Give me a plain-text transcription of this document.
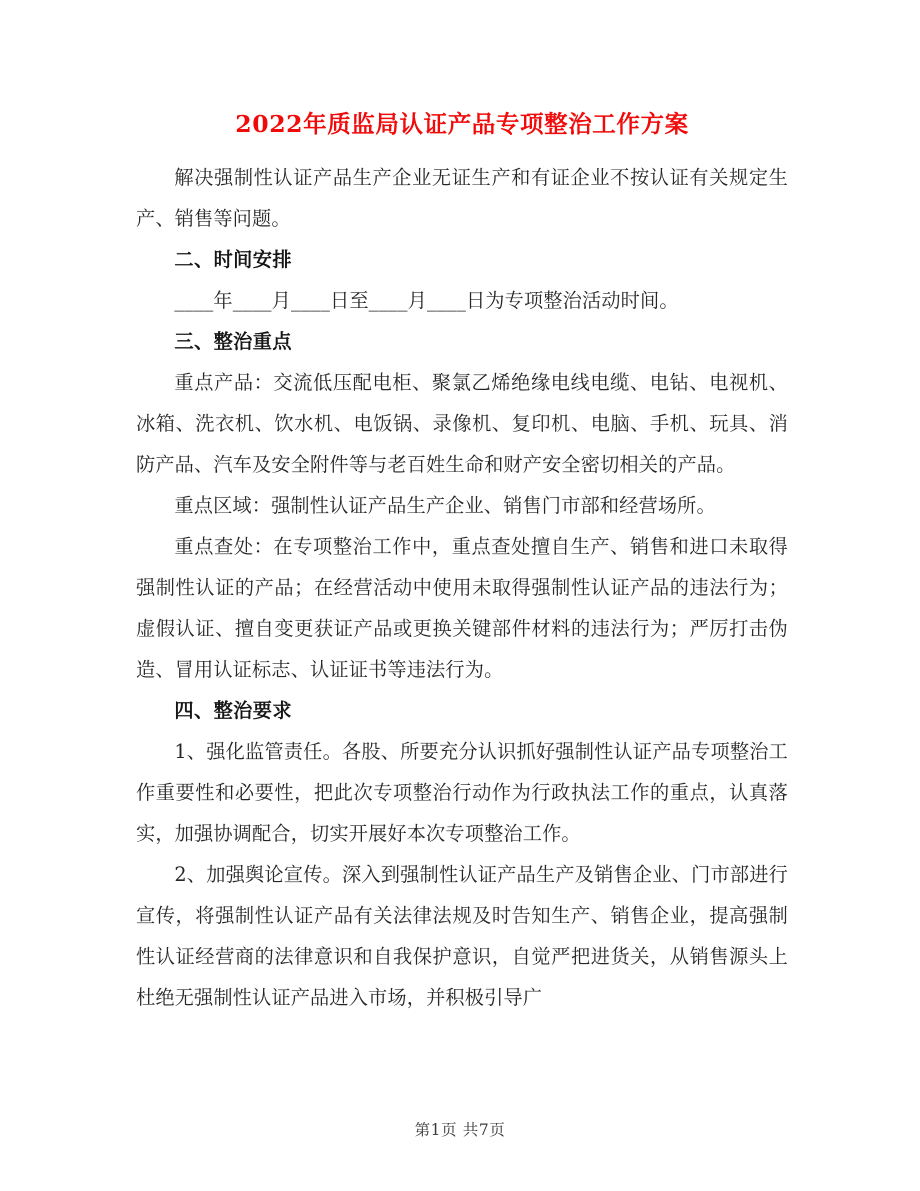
2022年质监局认证产品专项整治工作方案

解决强制性认证产品生产企业无证生产和有证企业不按认证有关规定生产、销售等问题。

二、时间安排

____年____月____日至____月____日为专项整治活动时间。

三、整治重点

重点产品：交流低压配电柜、聚氯乙烯绝缘电线电缆、电钻、电视机、冰箱、洗衣机、饮水机、电饭锅、录像机、复印机、电脑、手机、玩具、消防产品、汽车及安全附件等与老百姓生命和财产安全密切相关的产品。

重点区域：强制性认证产品生产企业、销售门市部和经营场所。

重点查处：在专项整治工作中，重点查处擅自生产、销售和进口未取得强制性认证的产品；在经营活动中使用未取得强制性认证产品的违法行为；虚假认证、擅自变更获证产品或更换关键部件材料的违法行为；严厉打击伪造、冒用认证标志、认证证书等违法行为。

四、整治要求

1、强化监管责任。各股、所要充分认识抓好强制性认证产品专项整治工作重要性和必要性，把此次专项整治行动作为行政执法工作的重点，认真落实，加强协调配合，切实开展好本次专项整治工作。

2、加强舆论宣传。深入到强制性认证产品生产及销售企业、门市部进行宣传，将强制性认证产品有关法律法规及时告知生产、销售企业，提高强制性认证经营商的法律意识和自我保护意识，自觉严把进货关，从销售源头上杜绝无强制性认证产品进入市场，并积极引导广

第1页 共7页
